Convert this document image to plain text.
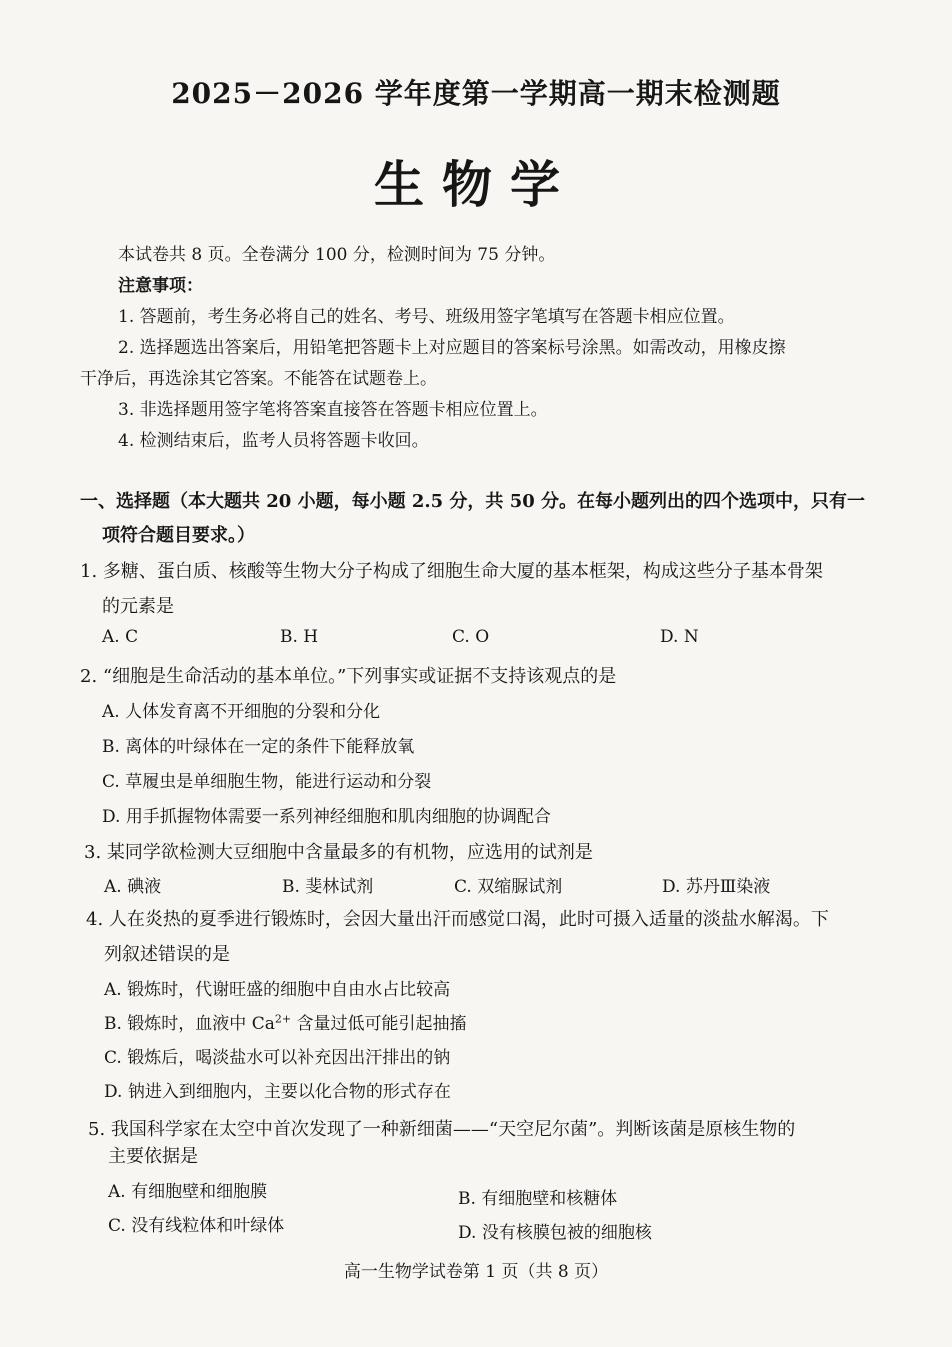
2025－2026 学年度第一学期高一期末检测题
生物学
本试卷共 8 页。全卷满分 100 分，检测时间为 75 分钟。
注意事项：
1. 答题前，考生务必将自己的姓名、考号、班级用签字笔填写在答题卡相应位置。
2. 选择题选出答案后，用铅笔把答题卡上对应题目的答案标号涂黑。如需改动，用橡皮擦
干净后，再选涂其它答案。不能答在试题卷上。
3. 非选择题用签字笔将答案直接答在答题卡相应位置上。
4. 检测结束后，监考人员将答题卡收回。
一、选择题（本大题共 20 小题，每小题 2.5 分，共 50 分。在每小题列出的四个选项中，只有一
项符合题目要求。）
1. 多糖、蛋白质、核酸等生物大分子构成了细胞生命大厦的基本框架，构成这些分子基本骨架
的元素是
A. C	B. H	C. O	D. N
2. “细胞是生命活动的基本单位。”下列事实或证据不支持该观点的是
A. 人体发育离不开细胞的分裂和分化
B. 离体的叶绿体在一定的条件下能释放氧
C. 草履虫是单细胞生物，能进行运动和分裂
D. 用手抓握物体需要一系列神经细胞和肌肉细胞的协调配合
3. 某同学欲检测大豆细胞中含量最多的有机物，应选用的试剂是
A. 碘液	B. 斐林试剂	C. 双缩脲试剂	D. 苏丹Ⅲ染液
4. 人在炎热的夏季进行锻炼时，会因大量出汗而感觉口渴，此时可摄入适量的淡盐水解渴。下
列叙述错误的是
A. 锻炼时，代谢旺盛的细胞中自由水占比较高
B. 锻炼时，血液中 $Ca^{2+}$ 含量过低可能引起抽搐
C. 锻炼后，喝淡盐水可以补充因出汗排出的钠
D. 钠进入到细胞内，主要以化合物的形式存在
5. 我国科学家在太空中首次发现了一种新细菌——“天空尼尔菌”。判断该菌是原核生物的
主要依据是
A. 有细胞壁和细胞膜	B. 有细胞壁和核糖体
C. 没有线粒体和叶绿体	D. 没有核膜包被的细胞核
高一生物学试卷第 1 页（共 8 页）
